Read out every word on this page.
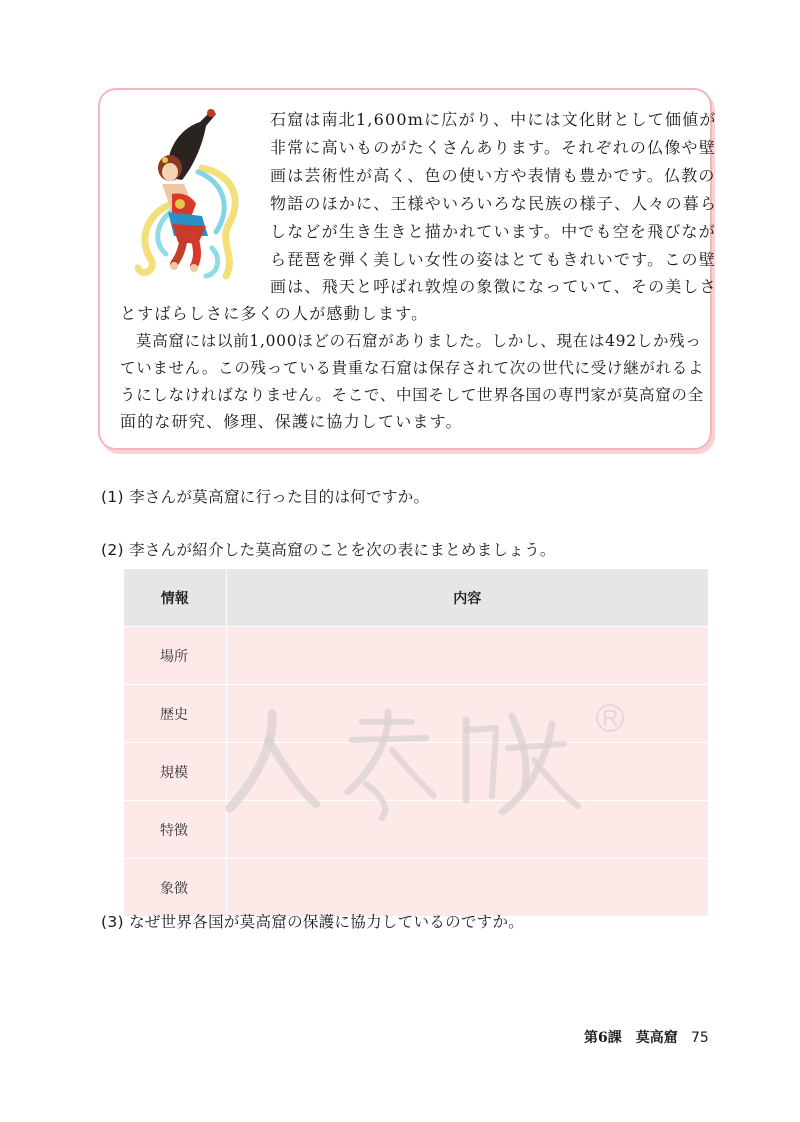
石窟は南北1,600mに広がり、中には文化財として価値が
非常に高いものがたくさんあります。それぞれの仏像や壁
画は芸術性が高く、色の使い方や表情も豊かです。仏教の
物語のほかに、王様やいろいろな民族の様子、人々の暮ら
しなどが生き生きと描かれています。中でも空を飛びなが
ら琵琶を弾く美しい女性の姿はとてもきれいです。この壁
画は、飛天と呼ばれ敦煌の象徴になっていて、その美しさ
とすばらしさに多くの人が感動します。
莫高窟には以前1,000ほどの石窟がありました。しかし、現在は492しか残っ
ていません。この残っている貴重な石窟は保存されて次の世代に受け継がれるよ
うにしなければなりません。そこで、中国そして世界各国の専門家が莫高窟の全
面的な研究、修理、保護に協力しています。
(1) 李さんが莫高窟に行った目的は何ですか。
(2) 李さんが紹介した莫高窟のことを次の表にまとめましょう。
情報	内容
場所	
歴史	
規模	
特徴	
象徴	
(3) なぜ世界各国が莫高窟の保護に協力しているのですか。
第6課　莫高窟 75
